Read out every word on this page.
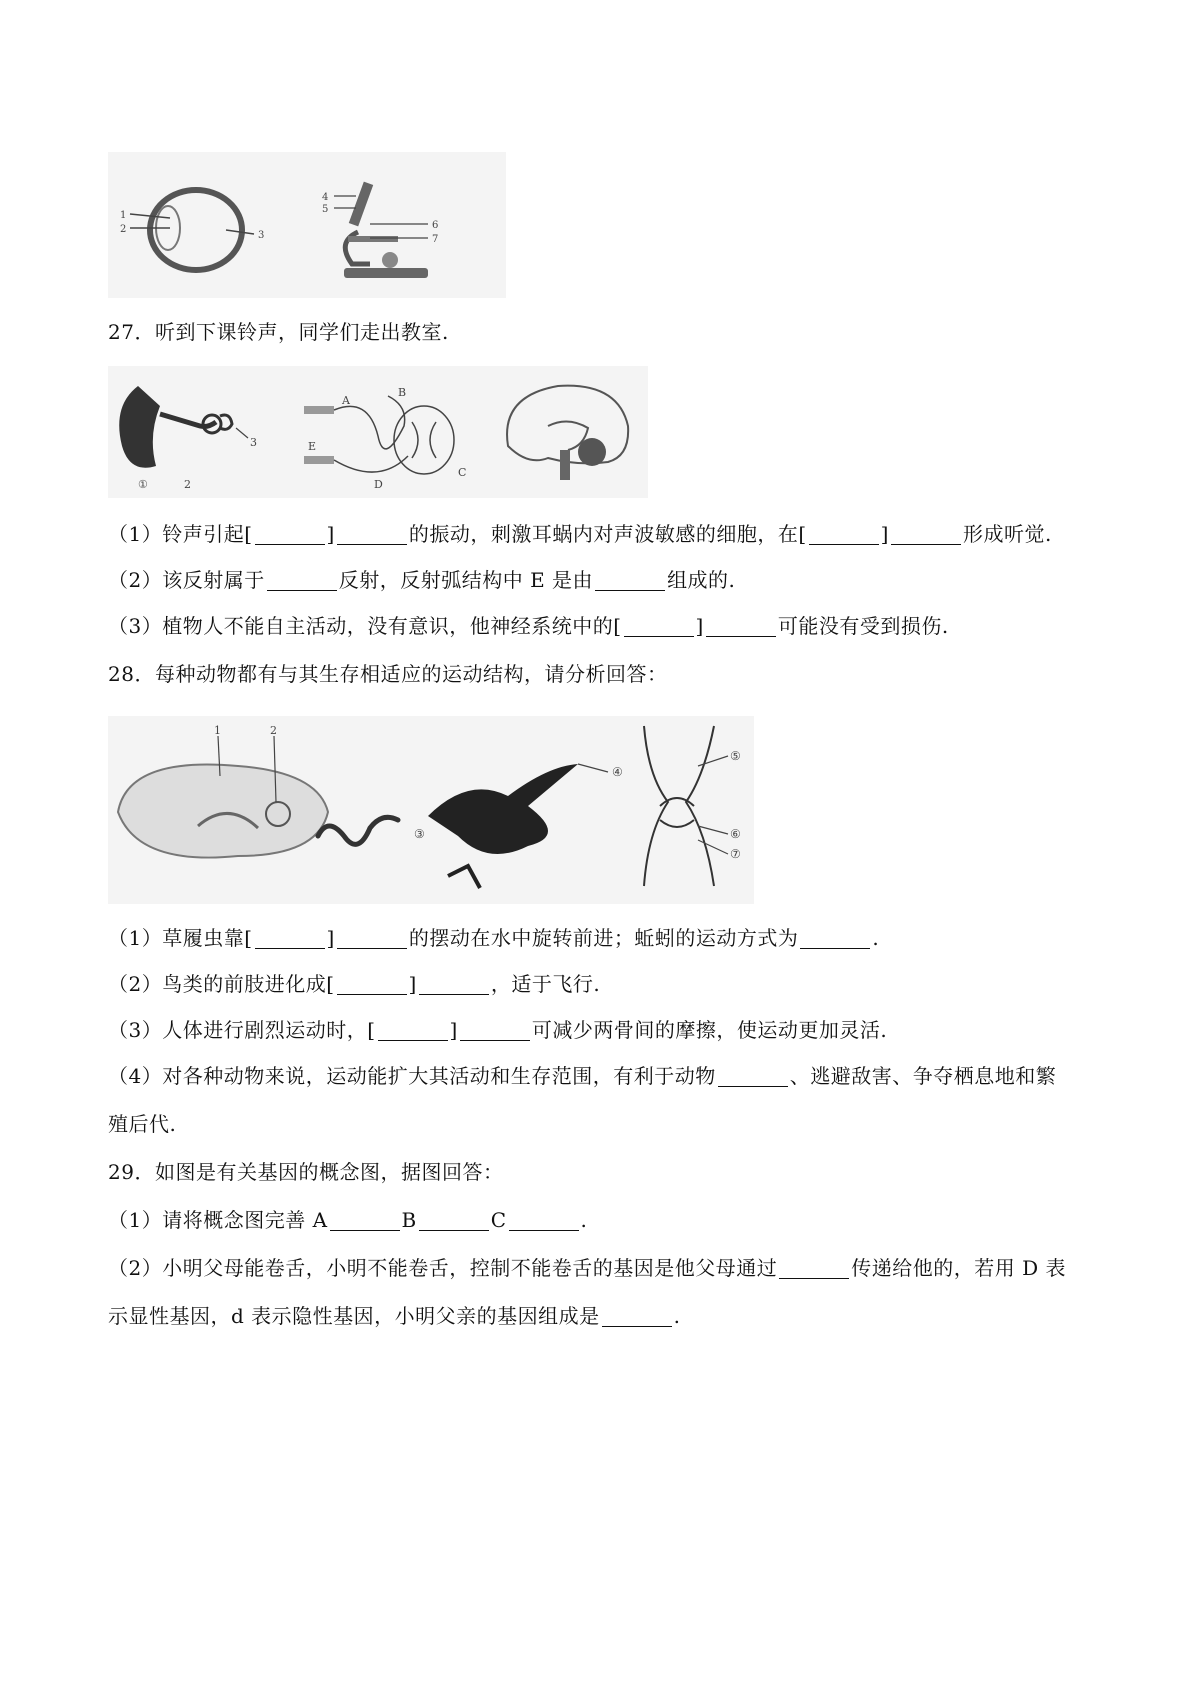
1
2
3
4
5
6
7
27．听到下课铃声，同学们走出教室.
①	2
3
A
B
E
D
C
（1）铃声引起[	]	的振动，刺激耳蜗内对声波敏感的细胞，在[	]	形成听觉.
（2）该反射属于	反射，反射弧结构中 E 是由	组成的.
（3）植物人不能自主活动，没有意识，他神经系统中的[	]	可能没有受到损伤.
28．每种动物都有与其生存相适应的运动结构，请分析回答：
1	2
④
③
⑤
⑥
⑦
（1）草履虫靠[	]	的摆动在水中旋转前进；蚯蚓的运动方式为	.
（2）鸟类的前肢进化成[	]	，适于飞行.
（3）人体进行剧烈运动时，[	]	可减少两骨间的摩擦，使运动更加灵活.
（4）对各种动物来说，运动能扩大其活动和生存范围，有利于动物	、逃避敌害、争夺栖息地和繁
殖后代.
29．如图是有关基因的概念图，据图回答：
（1）请将概念图完善 A	B	C	.
（2）小明父母能卷舌，小明不能卷舌，控制不能卷舌的基因是他父母通过	传递给他的，若用 D 表
示显性基因，d 表示隐性基因，小明父亲的基因组成是	.
